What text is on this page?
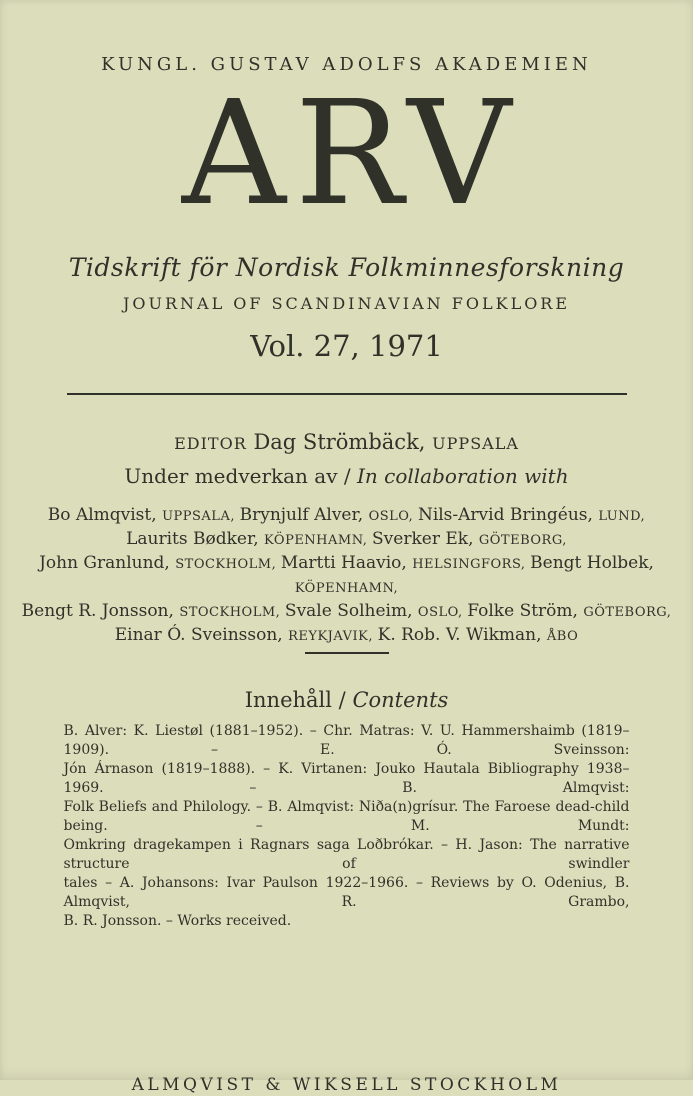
KUNGL. GUSTAV ADOLFS AKADEMIEN
ARV
Tidskrift för Nordisk Folkminnesforskning
JOURNAL OF SCANDINAVIAN FOLKLORE
Vol. 27, 1971
EDITOR Dag Strömbäck, UPPSALA
Under medverkan av / In collaboration with
Bo Almqvist, UPPSALA, Brynjulf Alver, OSLO, Nils-Arvid Bringéus, LUND,
Laurits Bødker, KÖPENHAMN, Sverker Ek, GÖTEBORG,
John Granlund, STOCKHOLM, Martti Haavio, HELSINGFORS, Bengt Holbek, KÖPENHAMN,
Bengt R. Jonsson, STOCKHOLM, Svale Solheim, OSLO, Folke Ström, GÖTEBORG,
Einar Ó. Sveinsson, REYKJAVIK, K. Rob. V. Wikman, ÅBO
Innehåll / Contents
B. Alver: K. Liestøl (1881–1952). – Chr. Matras: V. U. Hammershaimb (1819–1909). – E. Ó. Sveinsson:
Jón Árnason (1819–1888). – K. Virtanen: Jouko Hautala Bibliography 1938–1969. – B. Almqvist:
Folk Beliefs and Philology. – B. Almqvist: Niða(n)grísur. The Faroese dead-child being. – M. Mundt:
Omkring dragekampen i Ragnars saga Loðbrókar. – H. Jason: The narrative structure of swindler
tales – A. Johansons: Ivar Paulson 1922–1966. – Reviews by O. Odenius, B. Almqvist, R. Grambo,
B. R. Jonsson. – Works received.
ALMQVIST & WIKSELL STOCKHOLM
